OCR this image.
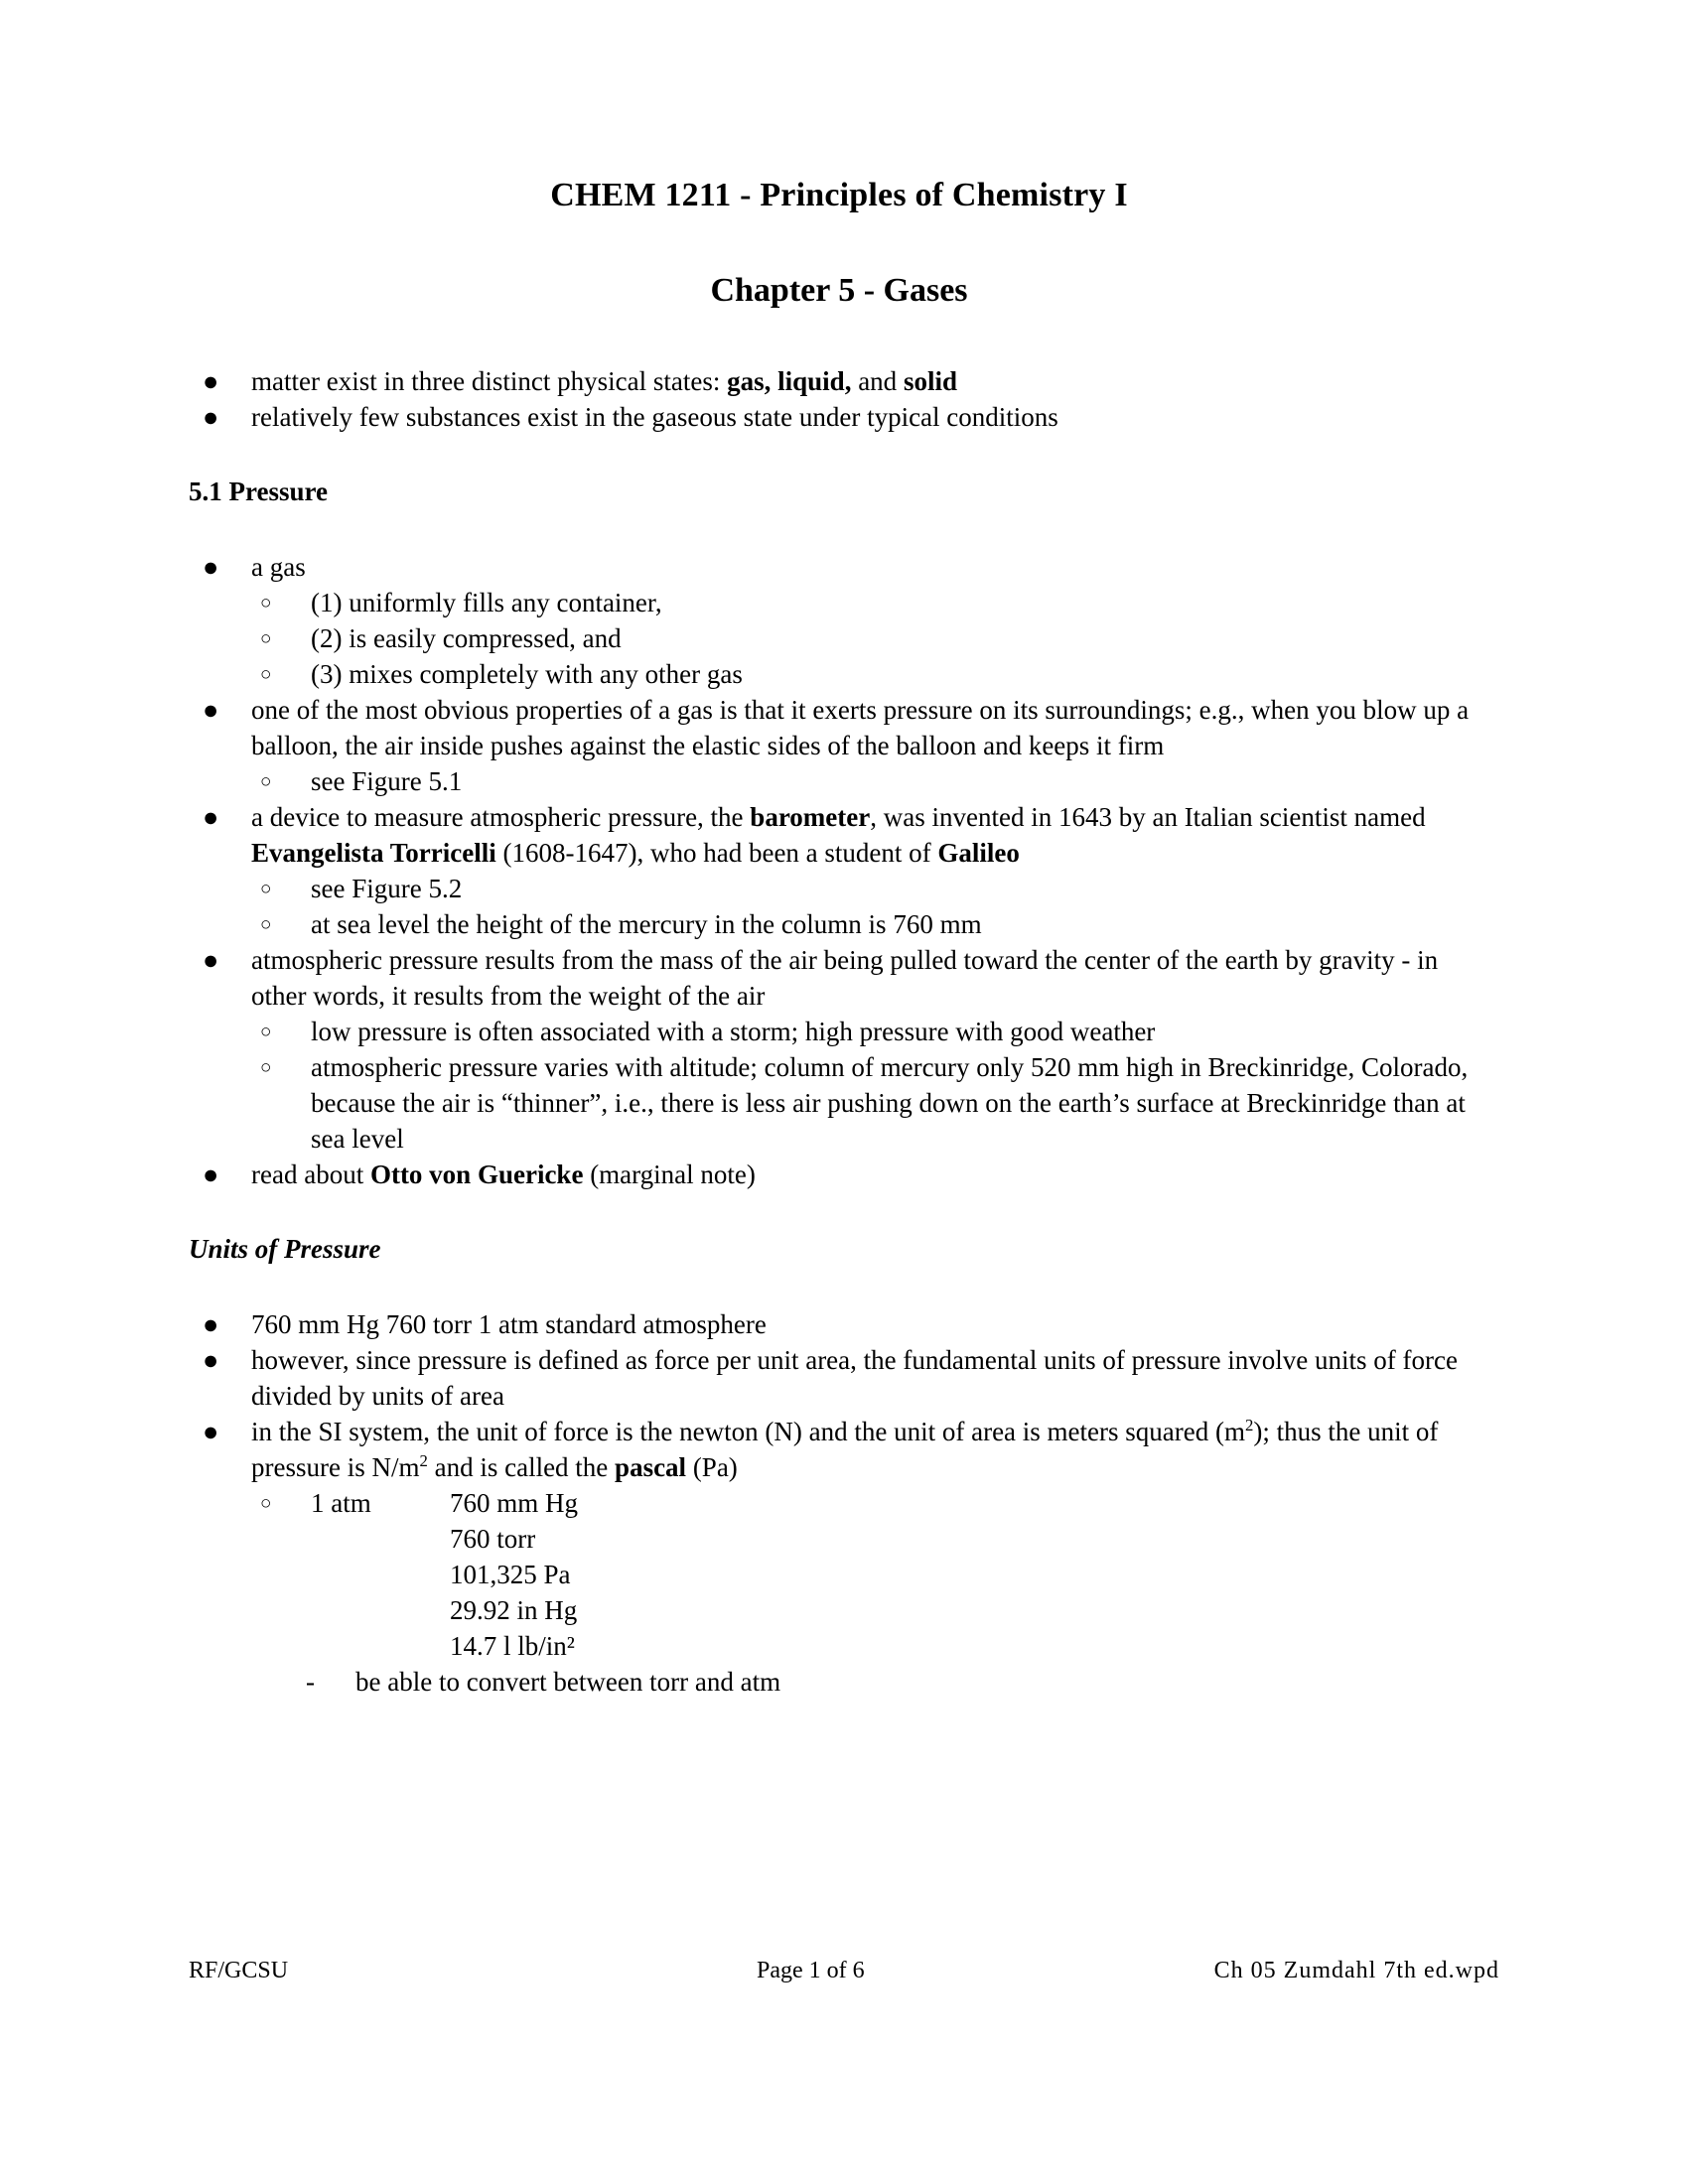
CHEM 1211 - Principles of Chemistry I
Chapter 5 - Gases
● matter exist in three distinct physical states: gas, liquid, and solid
● relatively few substances exist in the gaseous state under typical conditions
5.1 Pressure
● a gas
○ (1) uniformly fills any container,
○ (2) is easily compressed, and
○ (3) mixes completely with any other gas
● one of the most obvious properties of a gas is that it exerts pressure on its surroundings; e.g., when you blow up a balloon, the air inside pushes against the elastic sides of the balloon and keeps it firm
○ see Figure 5.1
● a device to measure atmospheric pressure, the barometer, was invented in 1643 by an Italian scientist named Evangelista Torricelli (1608-1647), who had been a student of Galileo
○ see Figure 5.2
○ at sea level the height of the mercury in the column is 760 mm
● atmospheric pressure results from the mass of the air being pulled toward the center of the earth by gravity - in other words, it results from the weight of the air
○ low pressure is often associated with a storm; high pressure with good weather
○ atmospheric pressure varies with altitude; column of mercury only 520 mm high in Breckinridge, Colorado, because the air is “thinner”, i.e., there is less air pushing down on the earth’s surface at Breckinridge than at sea level
● read about Otto von Guericke (marginal note)
Units of Pressure
● 760 mm Hg 760 torr 1 atm standard atmosphere
● however, since pressure is defined as force per unit area, the fundamental units of pressure involve units of force divided by units of area
● in the SI system, the unit of force is the newton (N) and the unit of area is meters squared $(m^2)$; thus the unit of pressure is $N/m^2$ and is called the pascal (Pa)
○ 1 atm	760 mm Hg
760 torr
101,325 Pa
29.92 in Hg
14.7 l lb/in²
- be able to convert between torr and atm
RF/GCSU	Page 1 of 6	Ch 05 Zumdahl 7th ed.wpd
